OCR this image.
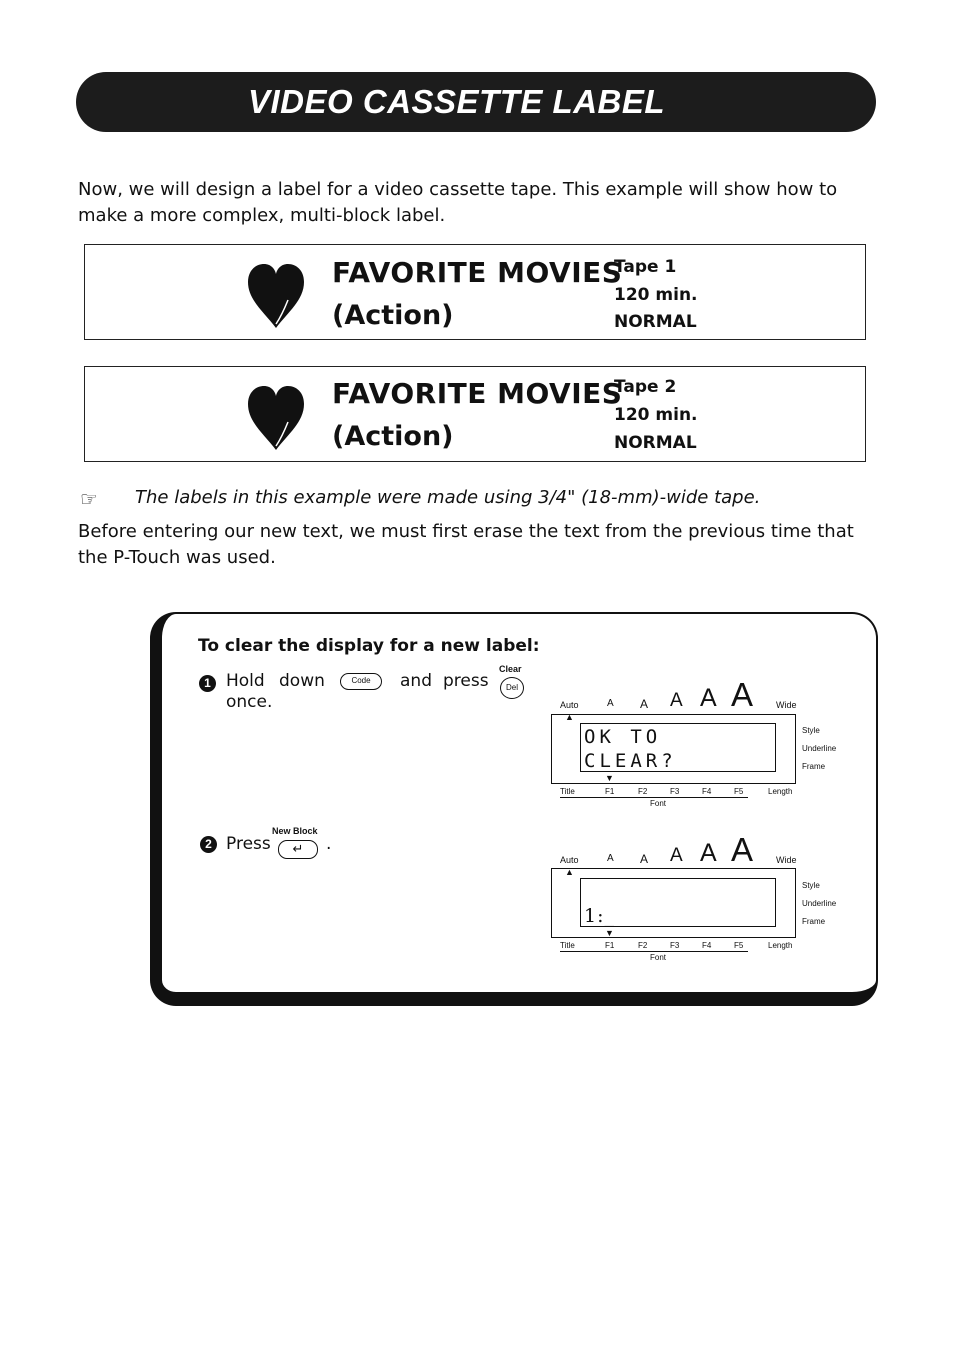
VIDEO CASSETTE LABEL
Now, we will design a label for a video cassette tape. This example will show how to make a more complex, multi-block label.
FAVORITE MOVIES
(Action)
Tape 1
120 min.
NORMAL
FAVORITE MOVIES
(Action)
Tape 2
120 min.
NORMAL
☞ The labels in this example were made using 3/4" (18-mm)-wide tape.
Before entering our new text, we must first erase the text from the previous time that the P-Touch was used.
To clear the display for a new label:
1 Hold down	Code	and press
Clear
Del
once.	Auto	A A A A A	Wide
▲
OK TO
CLEAR?
▼
Style
Underline
Frame
Title	F1	F2	F3	F4	F5	Length
Font
2 Press
New Block
↵	.
Auto	A A A A A	Wide
▲
1:_
▼
Style
Underline
Frame
Title	F1	F2	F3	F4	F5	Length
Font
